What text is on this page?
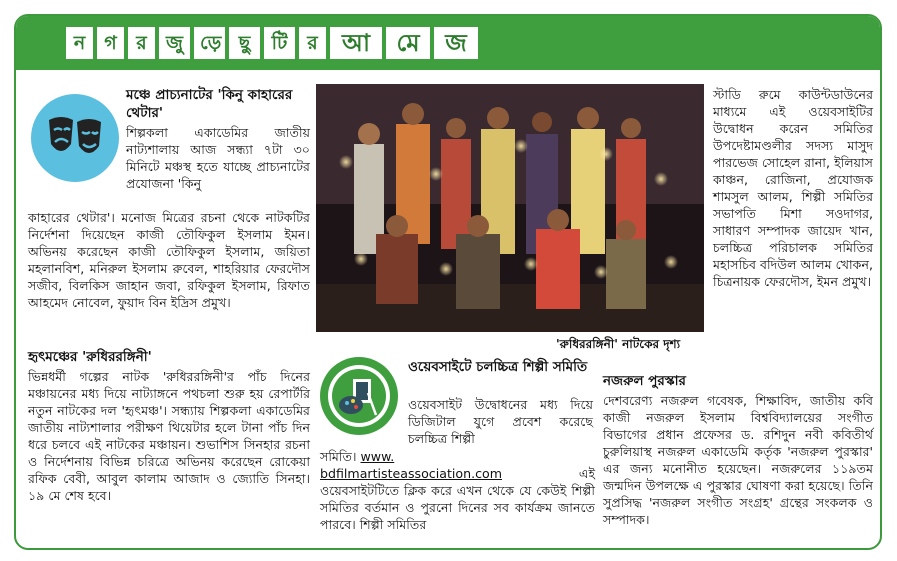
ন	গ	র	জু ড়ে ছু	টি	র	আ	মে	জ
মঞ্চে প্রাচ্যনাটের 'কিনু কাহারের থেটার'
শিল্পকলা একাডেমির জাতীয় নাট্যশালায় আজ সন্ধ্যা ৭টা ৩০ মিনিটে মঞ্চস্থ হতে যাচ্ছে প্রাচ্যনাটের প্রযোজনা 'কিনু
কাহারের থেটার'। মনোজ মিত্রের রচনা থেকে নাটকটির নির্দেশনা দিয়েছেন কাজী তৌফিকুল ইসলাম ইমন। অভিনয় করেছেন কাজী তৌফিকুল ইসলাম, জয়িতা মহলানবিশ, মনিরুল ইসলাম রুবেল, শাহরিয়ার ফেরদৌস সজীব, বিলকিস জাহান জবা, রফিকুল ইসলাম, রিফাত আহমেদ নোবেল, ফুয়াদ বিন ইদ্রিস প্রমুখ।
'রুধিররঙ্গিনী' নাটকের দৃশ্য
স্টাডি রুমে কাউন্টডাউনের মাধ্যমে এই ওয়েবসাইটির উদ্বোধন করেন সমিতির উপদেষ্টামণ্ডলীর সদস্য মাসুদ পারভেজ সোহেল রানা, ইলিয়াস কাঞ্চন, রোজিনা, প্রযোজক শামসুল আলম, শিল্পী সমিতির সভাপতি মিশা সওদাগর, সাধারণ সম্পাদক জায়েদ খান, চলচ্চিত্র পরিচালক সমিতির মহাসচিব বদিউল আলম খোকন, চিত্রনায়ক ফেরদৌস, ইমন প্রমুখ।
হৃৎমঞ্চের 'রুধিররঙ্গিনী'
ভিন্নধর্মী গল্পের নাটক 'রুধিররঙ্গিনী'র পাঁচ দিনের মঞ্চায়নের মধ্য দিয়ে নাট্যাঙ্গনে পথচলা শুরু হয় রেপার্টরি নতুন নাটকের দল 'হৃৎমঞ্চ'। সন্ধ্যায় শিল্পকলা একাডেমির জাতীয় নাট্যশালার পরীক্ষণ থিয়েটার হলে টানা পাঁচ দিন ধরে চলবে এই নাটকের মঞ্চায়ন। শুভাশিস সিনহার রচনা ও নির্দেশনায় বিভিন্ন চরিত্রে অভিনয় করেছেন রোকেয়া রফিক বেবী, আবুল কালাম আজাদ ও জ্যোতি সিনহা। ১৯ মে শেষ হবে।
ওয়েবসাইটে চলচ্চিত্র শিল্পী সমিতি
ওয়েবসাইট উদ্বোধনের মধ্য দিয়ে ডিজিটাল যুগে প্রবেশ করেছে চলচ্চিত্র শিল্পী
সমিতি। www.
bdfilmartisteassociation.com	এই ওয়েবসাইটটিতে ক্লিক করে এখন থেকে যে কেউই শিল্পী সমিতির বর্তমান ও পুরনো দিনের সব কার্যক্রম জানতে পারবে। শিল্পী সমিতির
নজরুল পুরস্কার
দেশবরেণ্য নজরুল গবেষক, শিক্ষাবিদ, জাতীয় কবি কাজী নজরুল ইসলাম বিশ্ববিদ্যালয়ের সংগীত বিভাগের প্রধান প্রফেসর ড. রশিদুন নবী কবিতীর্থ চুরুলিয়াস্থ নজরুল একাডেমি কর্তৃক 'নজরুল পুরস্কার' এর জন্য মনোনীত হয়েছেন। নজরুলের ১১৯তম জন্মদিন উপলক্ষে এ পুরস্কার ঘোষণা করা হয়েছে। তিনি সুপ্রসিদ্ধ 'নজরুল সংগীত সংগ্রহ' গ্রন্থের সংকলক ও সম্পাদক।
